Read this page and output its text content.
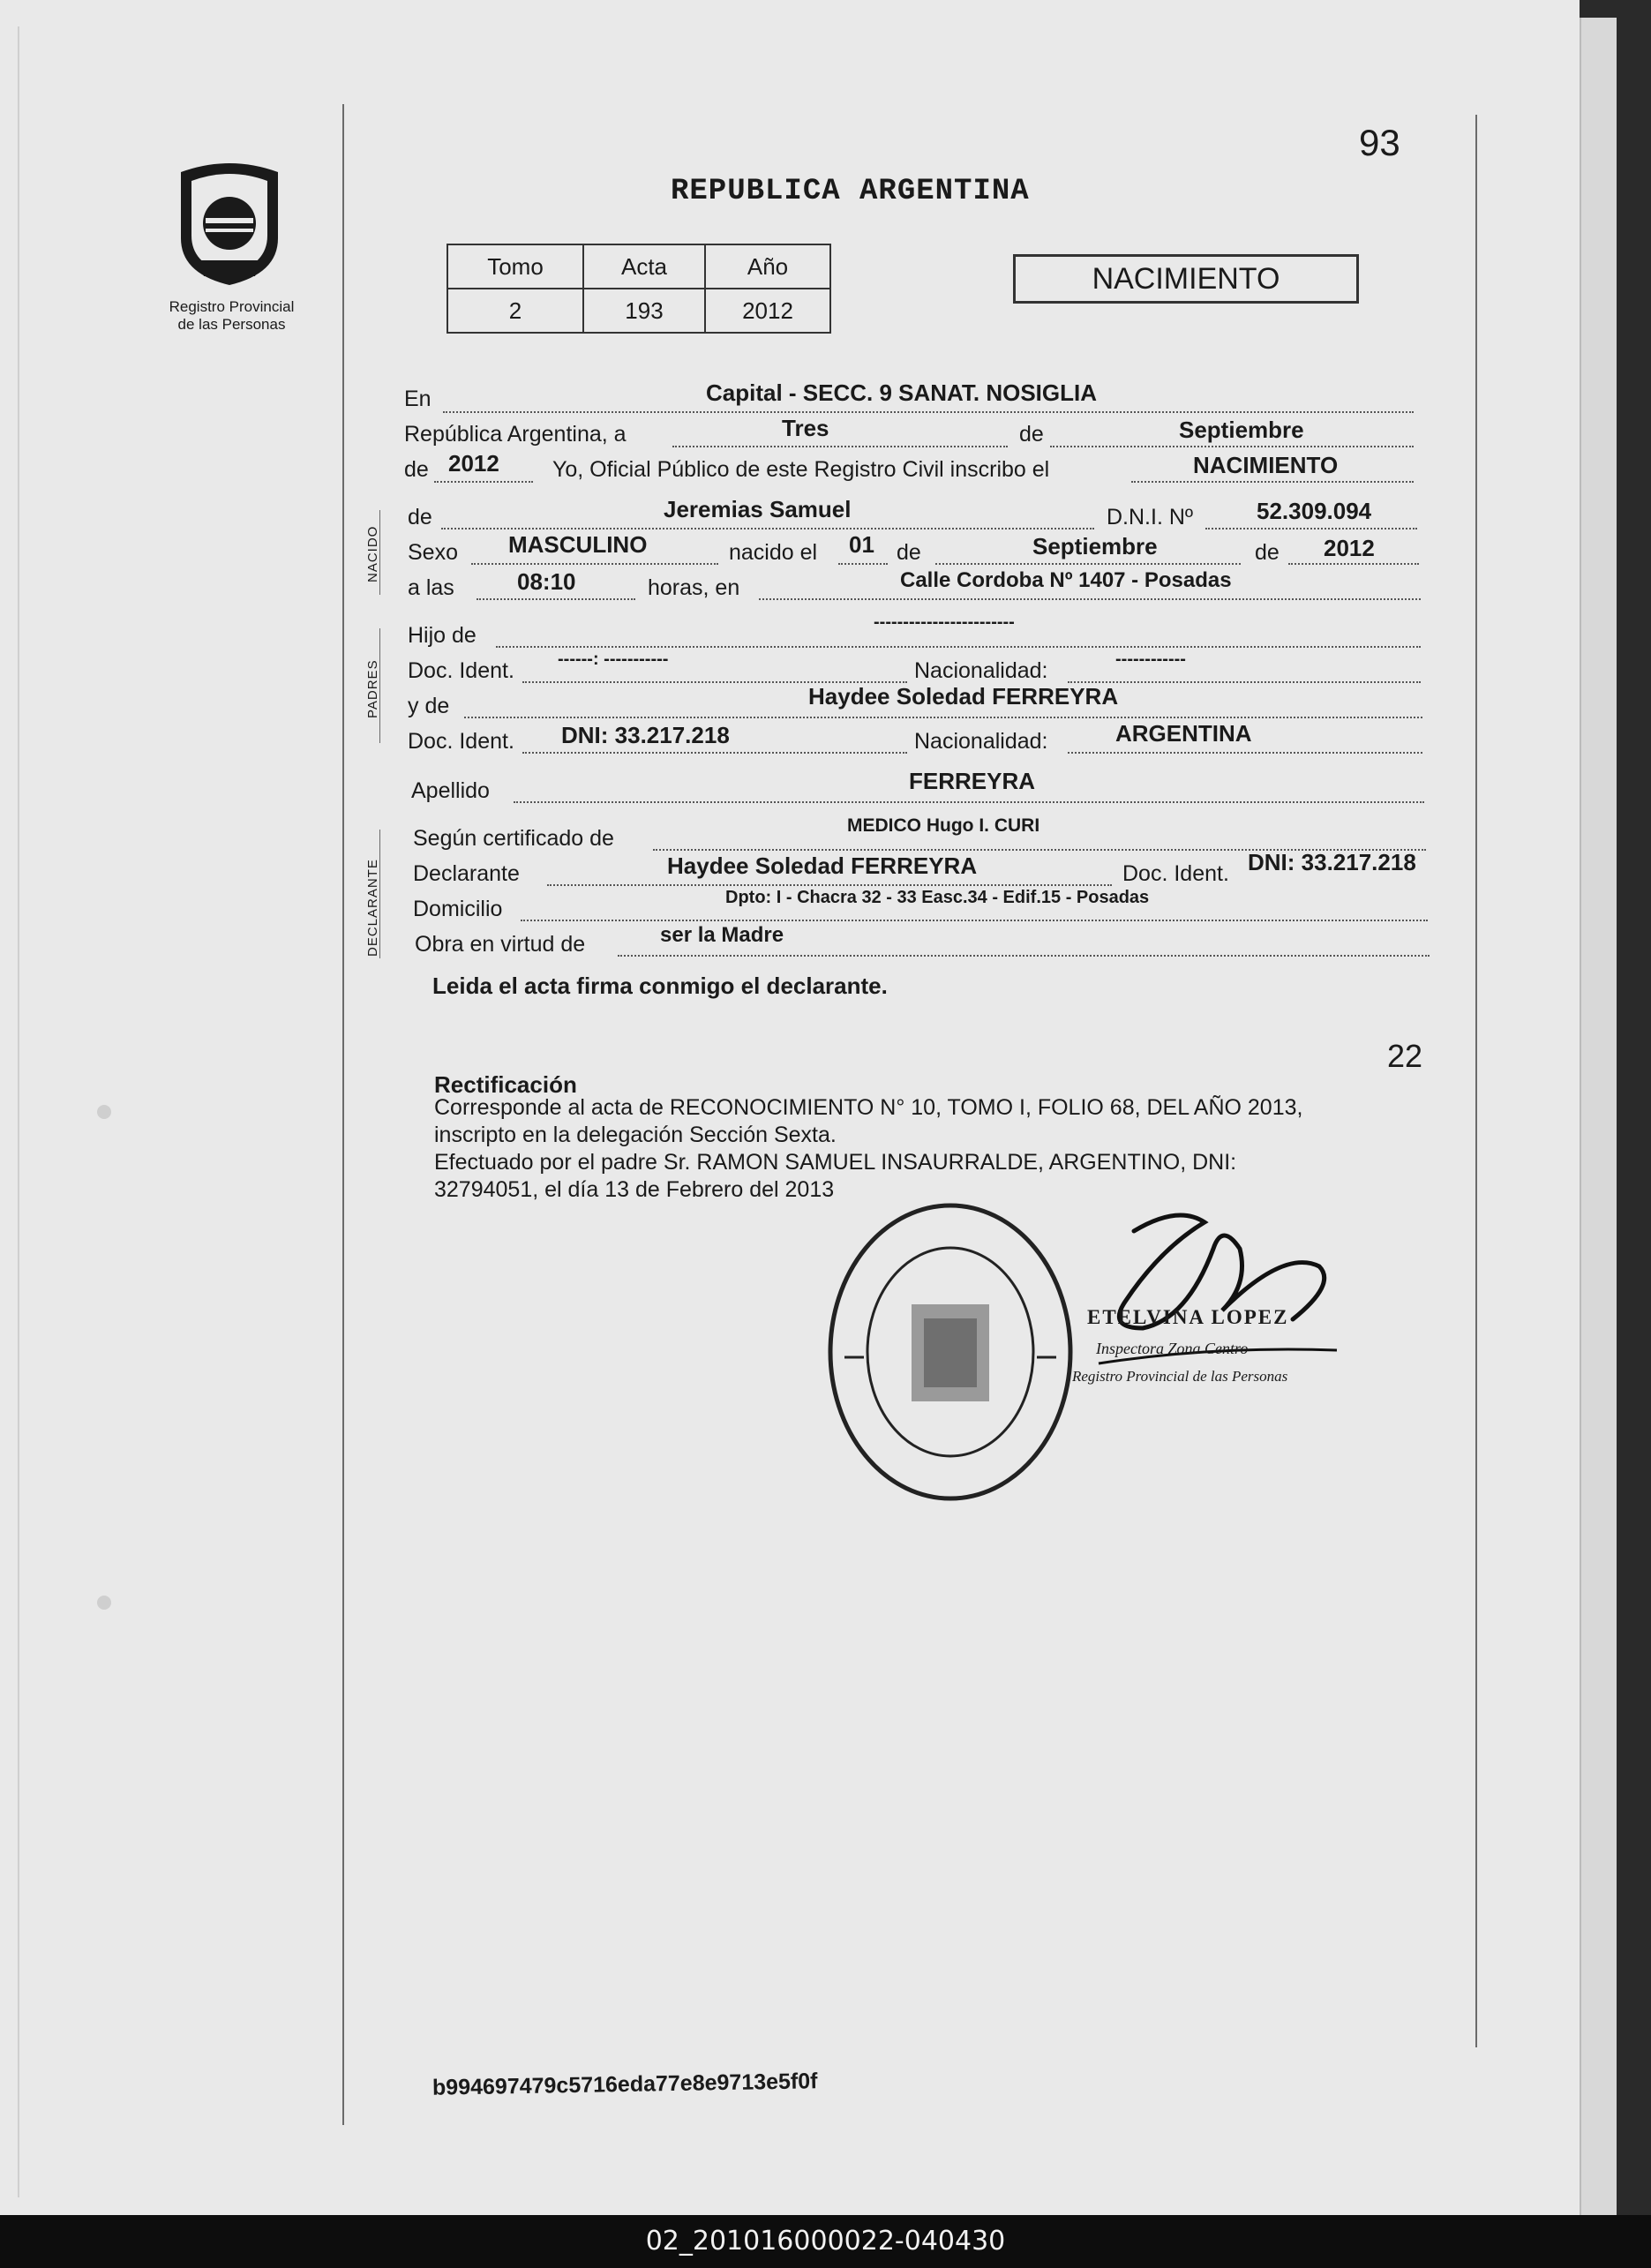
Registro Provincial
de las Personas
93
REPUBLICA ARGENTINA
Tomo	Acta	Año
2	193	2012
NACIMIENTO
En	Capital - SECC. 9 SANAT. NOSIGLIA
República Argentina, a	Tres	de	Septiembre
de 2012 Yo, Oficial Público de este Registro Civil inscribo el	NACIMIENTO
NACIDO
de	Jeremias Samuel	D.N.I. Nº	52.309.094
Sexo MASCULINO	nacido el 01 de	Septiembre	de 2012
a las	08:10	horas, en	Calle Cordoba Nº 1407 - Posadas
PADRES
Hijo de
------------------------
Doc. Ident. ------: -----------	Nacionalidad:	------------
y de	Haydee Soledad FERREYRA
Doc. Ident. DNI: 33.217.218	Nacionalidad:	ARGENTINA
Apellido	FERREYRA
DECLARANTE
Según certificado de
MEDICO Hugo I. CURI
Declarante	Haydee Soledad FERREYRA	Doc. Ident. DNI: 33.217.218
Domicilio	Dpto: I - Chacra 32 - 33 Easc.34 - Edif.15 - Posadas
Obra en virtud de	ser la Madre
Leida el acta firma conmigo el declarante.
22
Rectificación
Corresponde al acta de RECONOCIMIENTO N° 10, TOMO I, FOLIO 68, DEL AÑO 2013,
inscripto en la delegación Sección Sexta.
Efectuado por el padre Sr. RAMON SAMUEL INSAURRALDE, ARGENTINO, DNI:
32794051, el día 13 de Febrero del 2013
ETELVINA LOPEZ
Inspectora Zona Centro
Registro Provincial de las Personas
b994697479c5716eda77e8e9713e5f0f
02_201016000022-040430
